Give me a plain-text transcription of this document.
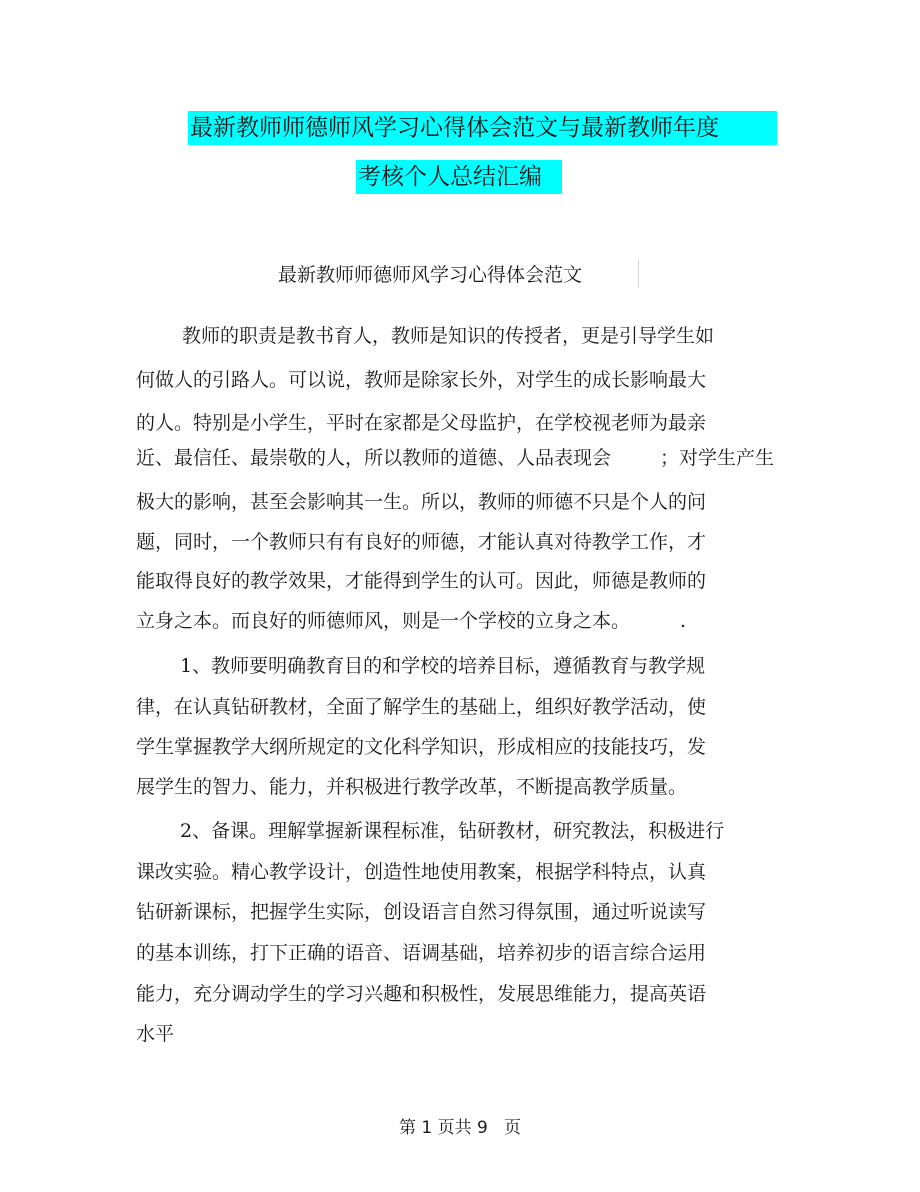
最新教师师德师风学习心得体会范文与最新教师年度
考核个人总结汇编
最新教师师德师风学习心得体会范文
教师的职责是教书育人，教师是知识的传授者，更是引导学生如
何做人的引路人。可以说，教师是除家长外，对学生的成长影响最大
的人。特别是小学生，平时在家都是父母监护，在学校视老师为最亲
近、最信任、最崇敬的人，所以教师的道德、人品表现会	；对学生产生
极大的影响，甚至会影响其一生。所以，教师的师德不只是个人的问
题，同时，一个教师只有有良好的师德，才能认真对待教学工作，才
能取得良好的教学效果，才能得到学生的认可。因此，师德是教师的
立身之本。而良好的师德师风，则是一个学校的立身之本。	.
1、教师要明确教育目的和学校的培养目标，遵循教育与教学规
律，在认真钻研教材，全面了解学生的基础上，组织好教学活动，使
学生掌握教学大纲所规定的文化科学知识，形成相应的技能技巧，发
展学生的智力、能力，并积极进行教学改革，不断提高教学质量。
2、备课。理解掌握新课程标准，钻研教材，研究教法，积极进行
课改实验。精心教学设计，创造性地使用教案，根据学科特点，认真
钻研新课标，把握学生实际，创设语言自然习得氛围，通过听说读写
的基本训练，打下正确的语音、语调基础，培养初步的语言综合运用
能力，充分调动学生的学习兴趣和积极性，发展思维能力，提高英语
水平
第 1 页共 9   页
